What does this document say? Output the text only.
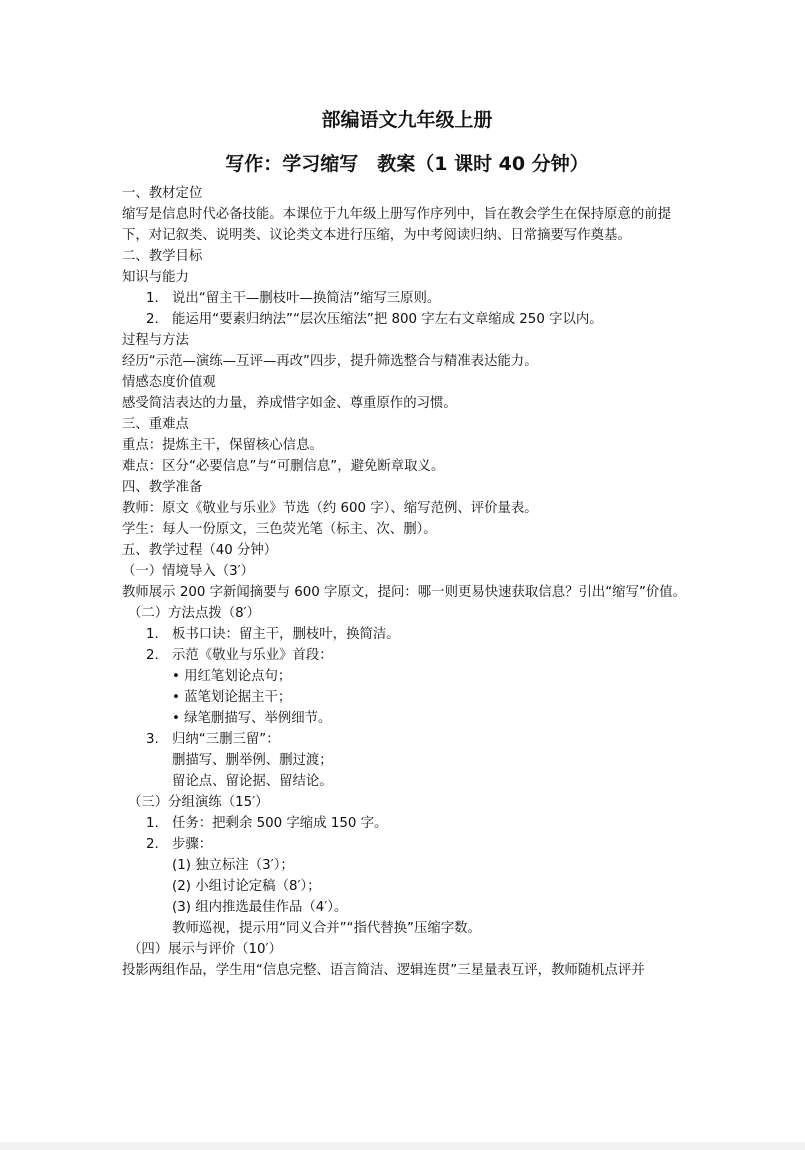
部编语文九年级上册
写作：学习缩写　教案（1 课时 40 分钟）

一、教材定位

缩写是信息时代必备技能。本课位于九年级上册写作序列中，旨在教会学生在保持原意的前提下，对记叙类、说明类、议论类文本进行压缩，为中考阅读归纳、日常摘要写作奠基。

二、教学目标

知识与能力

1. 说出“留主干—删枝叶—换简洁”缩写三原则。
2. 能运用“要素归纳法”“层次压缩法”把 800 字左右文章缩成 250 字以内。

过程与方法

经历“示范—演练—互评—再改”四步，提升筛选整合与精准表达能力。

情感态度价值观

感受简洁表达的力量，养成惜字如金、尊重原作的习惯。

三、重难点

重点：提炼主干，保留核心信息。

难点：区分“必要信息”与“可删信息”，避免断章取义。

四、教学准备

教师：原文《敬业与乐业》节选（约 600 字）、缩写范例、评价量表。

学生：每人一份原文，三色荧光笔（标主、次、删）。

五、教学过程（40 分钟）

（一）情境导入（3′）

教师展示 200 字新闻摘要与 600 字原文，提问：哪一则更易快速获取信息？引出“缩写”价值。

（二）方法点拨（8′）

1. 板书口诀：留主干，删枝叶，换简洁。
2. 示范《敬业与乐业》首段：
• 用红笔划论点句；
• 蓝笔划论据主干；
• 绿笔删描写、举例细节。
3. 归纳“三删三留”：

删描写、删举例、删过渡；

留论点、留论据、留结论。

（三）分组演练（15′）

1. 任务：把剩余 500 字缩成 150 字。
2. 步骤：

(1) 独立标注（3′）；

(2) 小组讨论定稿（8′）；

(3) 组内推选最佳作品（4′）。

教师巡视，提示用“同义合并”“指代替换”压缩字数。

（四）展示与评价（10′）

投影两组作品，学生用“信息完整、语言简洁、逻辑连贯”三星量表互评，教师随机点评并
